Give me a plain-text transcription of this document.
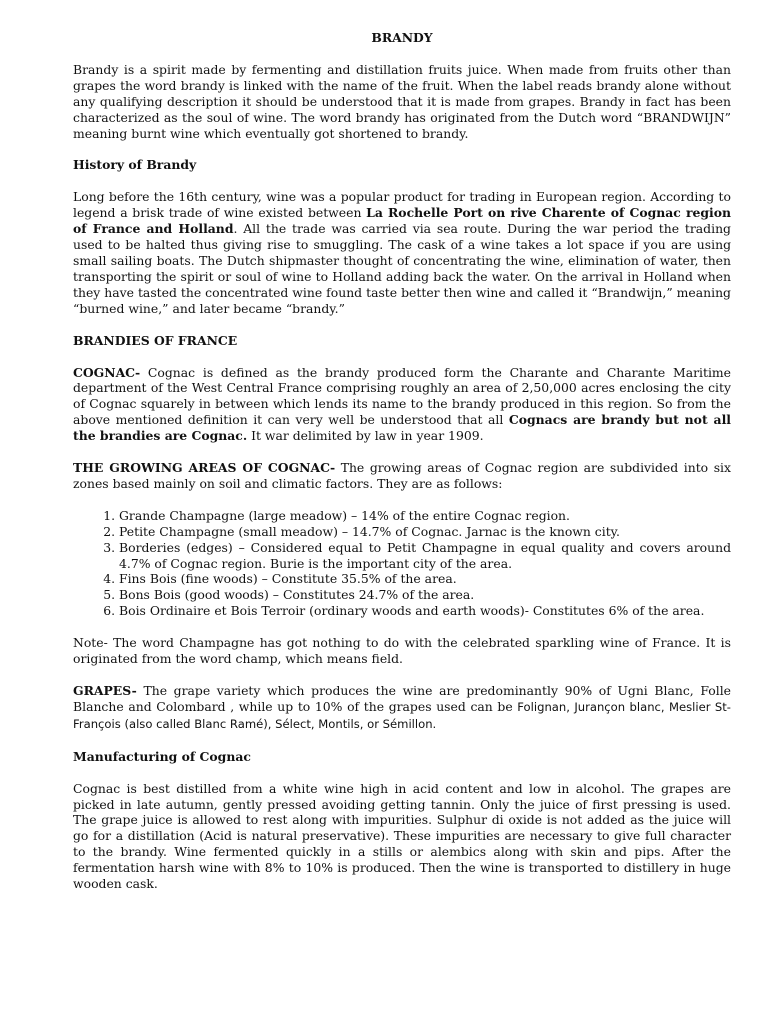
BRANDY

Brandy is a spirit made by fermenting and distillation fruits juice. When made from fruits other than grapes the word brandy is linked with the name of the fruit. When the label reads brandy alone without any qualifying description it should be understood that it is made from grapes. Brandy in fact has been characterized as the soul of wine. The word brandy has originated from the Dutch word “BRANDWIJN” meaning burnt wine which eventually got shortened to brandy.

History of Brandy

Long before the 16th century, wine was a popular product for trading in European region. According to legend a brisk trade of wine existed between La Rochelle Port on rive Charente of Cognac region of France and Holland. All the trade was carried via sea route. During the war period the trading used to be halted thus giving rise to smuggling. The cask of a wine takes a lot space if you are using small sailing boats. The Dutch shipmaster thought of concentrating the wine, elimination of water, then transporting the spirit or soul of wine to Holland adding back the water. On the arrival in Holland when they have tasted the concentrated wine found taste better then wine and called it “Brandwijn,” meaning “burned wine,” and later became “brandy.”

BRANDIES OF FRANCE

COGNAC- Cognac is defined as the brandy produced form the Charante and Charante Maritime department of the West Central France comprising roughly an area of 2,50,000 acres enclosing the city of Cognac squarely in between which lends its name to the brandy produced in this region. So from the above mentioned definition it can very well be understood that all Cognacs are brandy but not all the brandies are Cognac. It war delimited by law in year 1909.

THE GROWING AREAS OF COGNAC- The growing areas of Cognac region are subdivided into six zones based mainly on soil and climatic factors. They are as follows:

1. Grande Champagne (large meadow) – 14% of the entire Cognac region.
2. Petite Champagne (small meadow) – 14.7% of Cognac. Jarnac is the known city.
3. Borderies (edges) – Considered equal to Petit Champagne in equal quality and covers around 4.7% of Cognac region. Burie is the important city of the area.
4. Fins Bois (fine woods) – Constitute 35.5% of the area.
5. Bons Bois (good woods) – Constitutes 24.7% of the area.
6. Bois Ordinaire et Bois Terroir (ordinary woods and earth woods)- Constitutes 6% of the area.

Note- The word Champagne has got nothing to do with the celebrated sparkling wine of France. It is originated from the word champ, which means field.

GRAPES- The grape variety which produces the wine are predominantly 90% of Ugni Blanc, Folle Blanche and Colombard , while up to 10% of the grapes used can be Folignan, Jurançon blanc, Meslier St-François (also called Blanc Ramé), Sélect, Montils, or Sémillon.

Manufacturing of Cognac

Cognac is best distilled from a white wine high in acid content and low in alcohol. The grapes are picked in late autumn, gently pressed avoiding getting tannin. Only the juice of first pressing is used. The grape juice is allowed to rest along with impurities. Sulphur di oxide is not added as the juice will go for a distillation (Acid is natural preservative). These impurities are necessary to give full character to the brandy. Wine fermented quickly in a stills or alembics along with skin and pips. After the fermentation harsh wine with 8% to 10% is produced. Then the wine is transported to distillery in huge wooden cask.
